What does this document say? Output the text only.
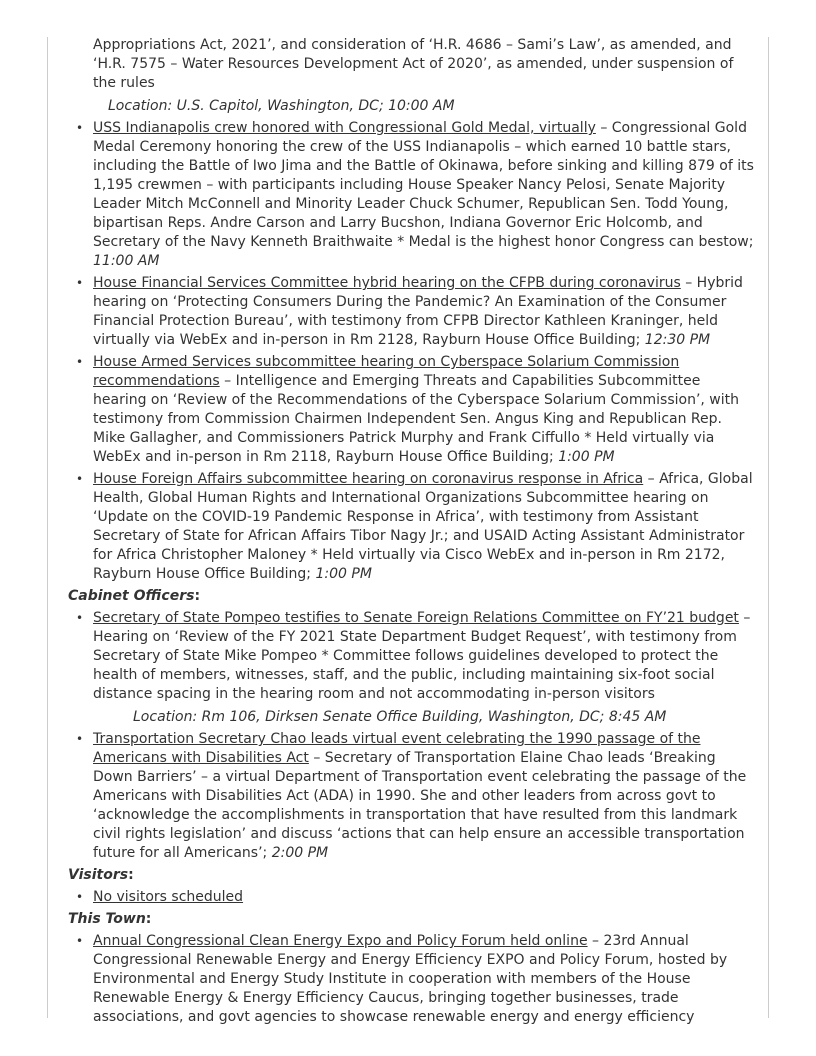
Appropriations Act, 2021’, and consideration of ‘H.R. 4686 – Sami’s Law’, as amended, and ‘H.R. 7575 – Water Resources Development Act of 2020’, as amended, under suspension of the rules

Location: U.S. Capitol, Washington, DC; 10:00 AM

• USS Indianapolis crew honored with Congressional Gold Medal, virtually – Congressional Gold Medal Ceremony honoring the crew of the USS Indianapolis – which earned 10 battle stars, including the Battle of Iwo Jima and the Battle of Okinawa, before sinking and killing 879 of its 1,195 crewmen – with participants including House Speaker Nancy Pelosi, Senate Majority Leader Mitch McConnell and Minority Leader Chuck Schumer, Republican Sen. Todd Young, bipartisan Reps. Andre Carson and Larry Bucshon, Indiana Governor Eric Holcomb, and Secretary of the Navy Kenneth Braithwaite * Medal is the highest honor Congress can bestow; 11:00 AM
• House Financial Services Committee hybrid hearing on the CFPB during coronavirus – Hybrid hearing on ‘Protecting Consumers During the Pandemic? An Examination of the Consumer Financial Protection Bureau’, with testimony from CFPB Director Kathleen Kraninger, held virtually via WebEx and in-person in Rm 2128, Rayburn House Office Building; 12:30 PM
• House Armed Services subcommittee hearing on Cyberspace Solarium Commission recommendations – Intelligence and Emerging Threats and Capabilities Subcommittee hearing on ‘Review of the Recommendations of the Cyberspace Solarium Commission’, with testimony from Commission Chairmen Independent Sen. Angus King and Republican Rep. Mike Gallagher, and Commissioners Patrick Murphy and Frank Ciffullo * Held virtually via WebEx and in-person in Rm 2118, Rayburn House Office Building; 1:00 PM
• House Foreign Affairs subcommittee hearing on coronavirus response in Africa – Africa, Global Health, Global Human Rights and International Organizations Subcommittee hearing on ‘Update on the COVID-19 Pandemic Response in Africa’, with testimony from Assistant Secretary of State for African Affairs Tibor Nagy Jr.; and USAID Acting Assistant Administrator for Africa Christopher Maloney * Held virtually via Cisco WebEx and in-person in Rm 2172, Rayburn House Office Building; 1:00 PM

Cabinet Officers:

• Secretary of State Pompeo testifies to Senate Foreign Relations Committee on FY’21 budget – Hearing on ‘Review of the FY 2021 State Department Budget Request’, with testimony from Secretary of State Mike Pompeo * Committee follows guidelines developed to protect the health of members, witnesses, staff, and the public, including maintaining six-foot social distance spacing in the hearing room and not accommodating in-person visitors

Location: Rm 106, Dirksen Senate Office Building, Washington, DC; 8:45 AM

• Transportation Secretary Chao leads virtual event celebrating the 1990 passage of the Americans with Disabilities Act – Secretary of Transportation Elaine Chao leads ‘Breaking Down Barriers’ – a virtual Department of Transportation event celebrating the passage of the Americans with Disabilities Act (ADA) in 1990. She and other leaders from across govt to ‘acknowledge the accomplishments in transportation that have resulted from this landmark civil rights legislation’ and discuss ‘actions that can help ensure an accessible transportation future for all Americans’; 2:00 PM

Visitors:

• No visitors scheduled

This Town:

• Annual Congressional Clean Energy Expo and Policy Forum held online – 23rd Annual Congressional Renewable Energy and Energy Efficiency EXPO and Policy Forum, hosted by Environmental and Energy Study Institute in cooperation with members of the House Renewable Energy & Energy Efficiency Caucus, bringing together businesses, trade associations, and govt agencies to showcase renewable energy and energy efficiency
